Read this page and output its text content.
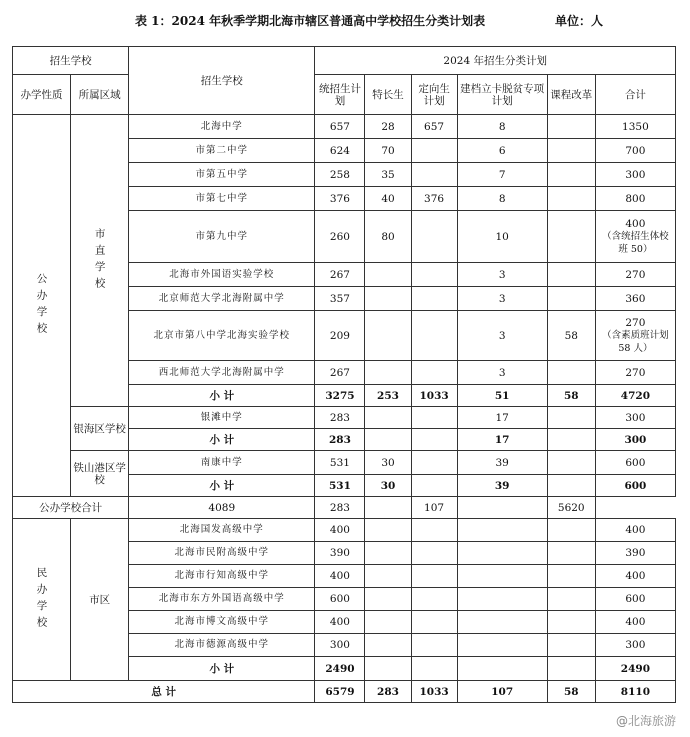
表 1：2024 年秋季学期北海市辖区普通高中学校招生分类计划表	单位：人
招生学校		招生学校	2024 年招生分类计划					
办学性质	所属区域		统招生计划	特长生	定向生计划	建档立卡脱贫专项计划	课程改革	合计

公办学校	市直学校	北海中学	657	28	657	8		1350

		市第二中学	624	70		6		700

		市第五中学	258	35		7		300

		市第七中学	376	40	376	8		800

		市第九中学	260	80		10		400
（含统招生体校班 50）

		北海市外国语实验学校	267			3		270

		北京师范大学北海附属中学	357			3		360

		北京市第八中学北海实验学校	209			3	58	270
（含素质班计划 58 人）

		西北师范大学北海附属中学	267			3		270

		小 计	3275	253	1033	51	58	4720

	银海区学校	银滩中学	283			17		300

		小 计	283			17		300

	铁山港区学校	南康中学	531	30		39		600

		小 计	531	30		39		600

公办学校合计		4089	283		107		5620	

民办学校	市区	北海国发高级中学	400					400

		北海市民附高级中学	390					390

		北海市行知高级中学	400					400

		北海市东方外国语高级中学	600					600

		北海市博文高级中学	400					400

		北海市德源高级中学	300					300

		小 计	2490					2490

总 计			6579	283	1033	107	58	8110
@北海旅游
